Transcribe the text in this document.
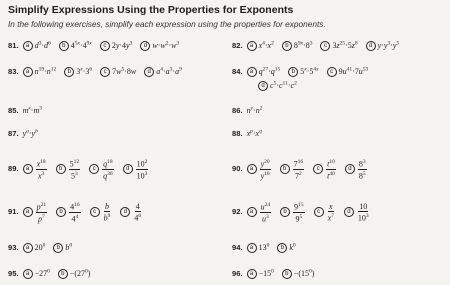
Simplify Expressions Using the Properties for Exponents
In the following exercises, simplify each expression using the properties for exponents.
81. a $d^3\cdot d^6$ b $4^{5x}\cdot 4^{9x}$ c $2y\cdot 4y^3$ d $w\cdot w^2\cdot w^3$	82. a $x^4\cdot x^2$ b $8^{9x}\cdot 8^3$ c $3z^{25}\cdot 5z^8$ d $y\cdot y^3\cdot y^5$
83. a $n^{19}\cdot n^{12}$ b $3^x\cdot 3^6$ c $7w^5\cdot 8w$ d $a^4\cdot a^3\cdot a^9$	84. a $q^{27}\cdot q^{15}$ b $5^x\cdot 5^{4x}$ c $9u^{41}\cdot 7u^{53}$
d $c^5\cdot c^{11}\cdot c^2$
85. $m^x\cdot m^3$	86. $n^y\cdot n^2$
87. $y^a\cdot y^b$	88. $x^p\cdot x^q$
89. a $\frac{x^{18}}{x^3}$ b $\frac{5^{12}}{5^3}$ c $\frac{q^{18}}{q^{36}}$ d $\frac{10^2}{10^3}$	90. a $\frac{y^{20}}{y^{10}}$ b $\frac{7^{16}}{7^2}$ c $\frac{t^{10}}{t^{40}}$ d $\frac{8^3}{8^5}$
91. a $\frac{p^{21}}{p^7}$ b $\frac{4^{16}}{4^4}$ c $\frac{b}{b^9}$ d $\frac{4}{4^6}$	92. a $\frac{u^{24}}{u^3}$ b $\frac{9^{15}}{9^5}$ c $\frac{x}{x^7}$ d $\frac{10}{10^3}$
93. a $20^0$ b $b^0$	94. a $13^0$ b $k^0$
95. $a -27^0$ $b -(27^0)$	96. $a -15^0$ $b -(15^0)$
